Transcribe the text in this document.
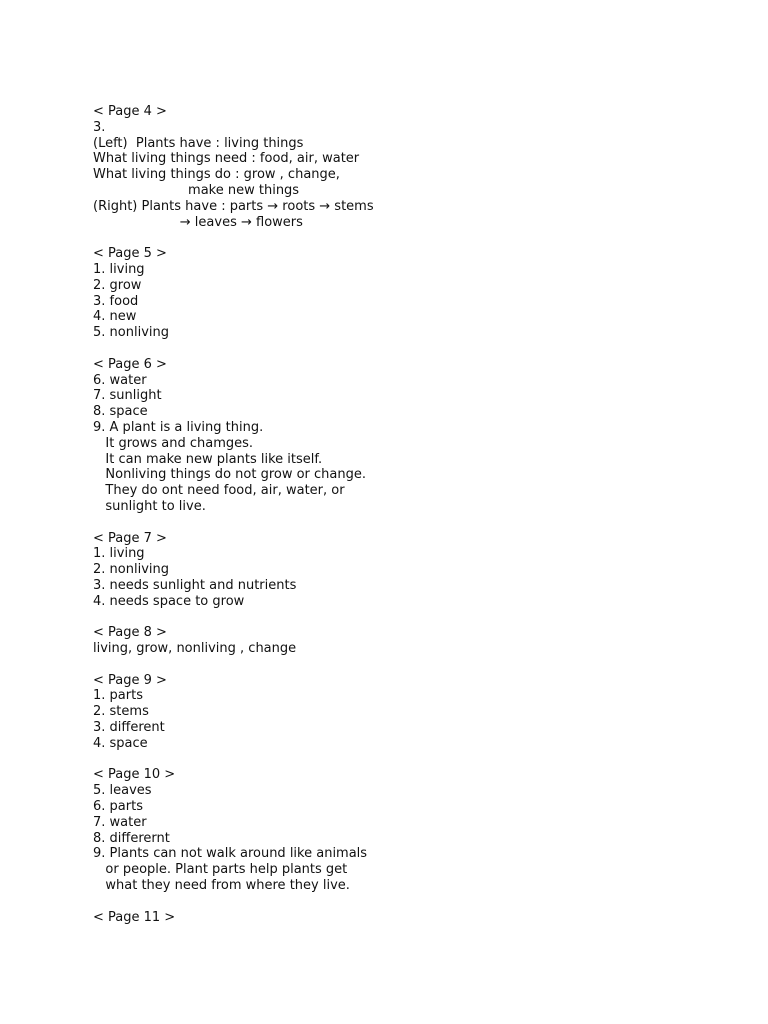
< Page 4 >
3.
(Left)  Plants have : living things
What living things need : food, air, water
What living things do : grow , change,
make new things
(Right) Plants have : parts → roots → stems
→ leaves → flowers
< Page 5 >
1. living
2. grow
3. food
4. new
5. nonliving
< Page 6 >
6. water
7. sunlight
8. space
9. A plant is a living thing.
It grows and chamges.
It can make new plants like itself.
Nonliving things do not grow or change.
They do ont need food, air, water, or
sunlight to live.
< Page 7 >
1. living
2. nonliving
3. needs sunlight and nutrients
4. needs space to grow
< Page 8 >
living, grow, nonliving , change
< Page 9 >
1. parts
2. stems
3. different
4. space
< Page 10 >
5. leaves
6. parts
7. water
8. differernt
9. Plants can not walk around like animals
or people. Plant parts help plants get
what they need from where they live.
< Page 11 >
